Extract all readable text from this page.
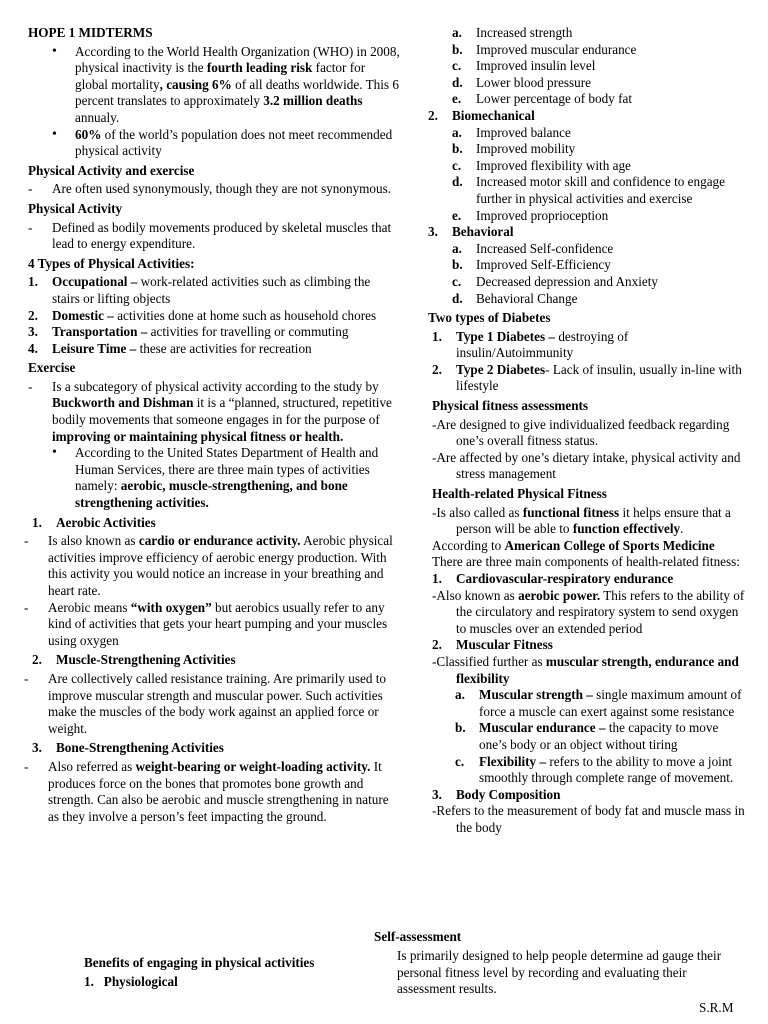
HOPE 1 MIDTERMS
• According to the World Health Organization (WHO) in 2008, physical inactivity is the fourth leading risk factor for global mortality, causing 6% of all deaths worldwide. This 6 percent translates to approximately 3.2 million deaths annualy.
• 60% of the world’s population does not meet recommended physical activity
Physical Activity and exercise
- Are often used synonymously, though they are not synonymous.
Physical Activity
- Defined as bodily movements produced by skeletal muscles that lead to energy expenditure.
4 Types of Physical Activities:
1. Occupational – work-related activities such as climbing the stairs or lifting objects
2. Domestic – activities done at home such as household chores
3. Transportation – activities for travelling or commuting
4. Leisure Time – these are activities for recreation
Exercise
- Is a subcategory of physical activity according to the study by Buckworth and Dishman it is a “planned, structured, repetitive bodily movements that someone engages in for the purpose of improving or maintaining physical fitness or health.
• According to the United States Department of Health and Human Services, there are three main types of activities namely: aerobic, muscle-strengthening, and bone strengthening activities.
1. Aerobic Activities
- Is also known as cardio or endurance activity. Aerobic physical activities improve efficiency of aerobic energy production. With this activity you would notice an increase in your breathing and heart rate.
- Aerobic means “with oxygen” but aerobics usually refer to any kind of activities that gets your heart pumping and your muscles using oxygen
2. Muscle-Strengthening Activities
- Are collectively called resistance training. Are primarily used to improve muscular strength and muscular power. Such activities make the muscles of the body work against an applied force or weight.
3. Bone-Strengthening Activities
- Also referred as weight-bearing or weight-loading activity. It produces force on the bones that promotes bone growth and strength. Can also be aerobic and muscle strengthening in nature as they involve a person’s feet impacting the ground.
a. Increased strength
b. Improved muscular endurance
c. Improved insulin level
d. Lower blood pressure
e. Lower percentage of body fat
2. Biomechanical
a. Improved balance
b. Improved mobility
c. Improved flexibility with age
d. Increased motor skill and confidence to engage further in physical activities and exercise
e. Improved proprioception
3. Behavioral
a. Increased Self-confidence
b. Improved Self-Efficiency
c. Decreased depression and Anxiety
d. Behavioral Change
Two types of Diabetes
1. Type 1 Diabetes – destroying of insulin/Autoimmunity
2. Type 2 Diabetes- Lack of insulin, usually in-line with lifestyle
Physical fitness assessments
-Are designed to give individualized feedback regarding one’s overall fitness status.
-Are affected by one’s dietary intake, physical activity and stress management
Health-related Physical Fitness
-Is also called as functional fitness it helps ensure that a person will be able to function effectively.
According to American College of Sports Medicine
There are three main components of health-related fitness:
1. Cardiovascular-respiratory endurance
-Also known as aerobic power. This refers to the ability of the circulatory and respiratory system to send oxygen to muscles over an extended period
2. Muscular Fitness
-Classified further as muscular strength, endurance and flexibility
a. Muscular strength – single maximum amount of force a muscle can exert against some resistance
b. Muscular endurance – the capacity to move one’s body or an object without tiring
c. Flexibility – refers to the ability to move a joint smoothly through complete range of movement.
3. Body Composition
-Refers to the measurement of body fat and muscle mass in the body
Self-assessment
Benefits of engaging in physical activities
1. Physiological
Is primarily designed to help people determine ad gauge their personal fitness level by recording and evaluating their assessment results.
S.R.M
